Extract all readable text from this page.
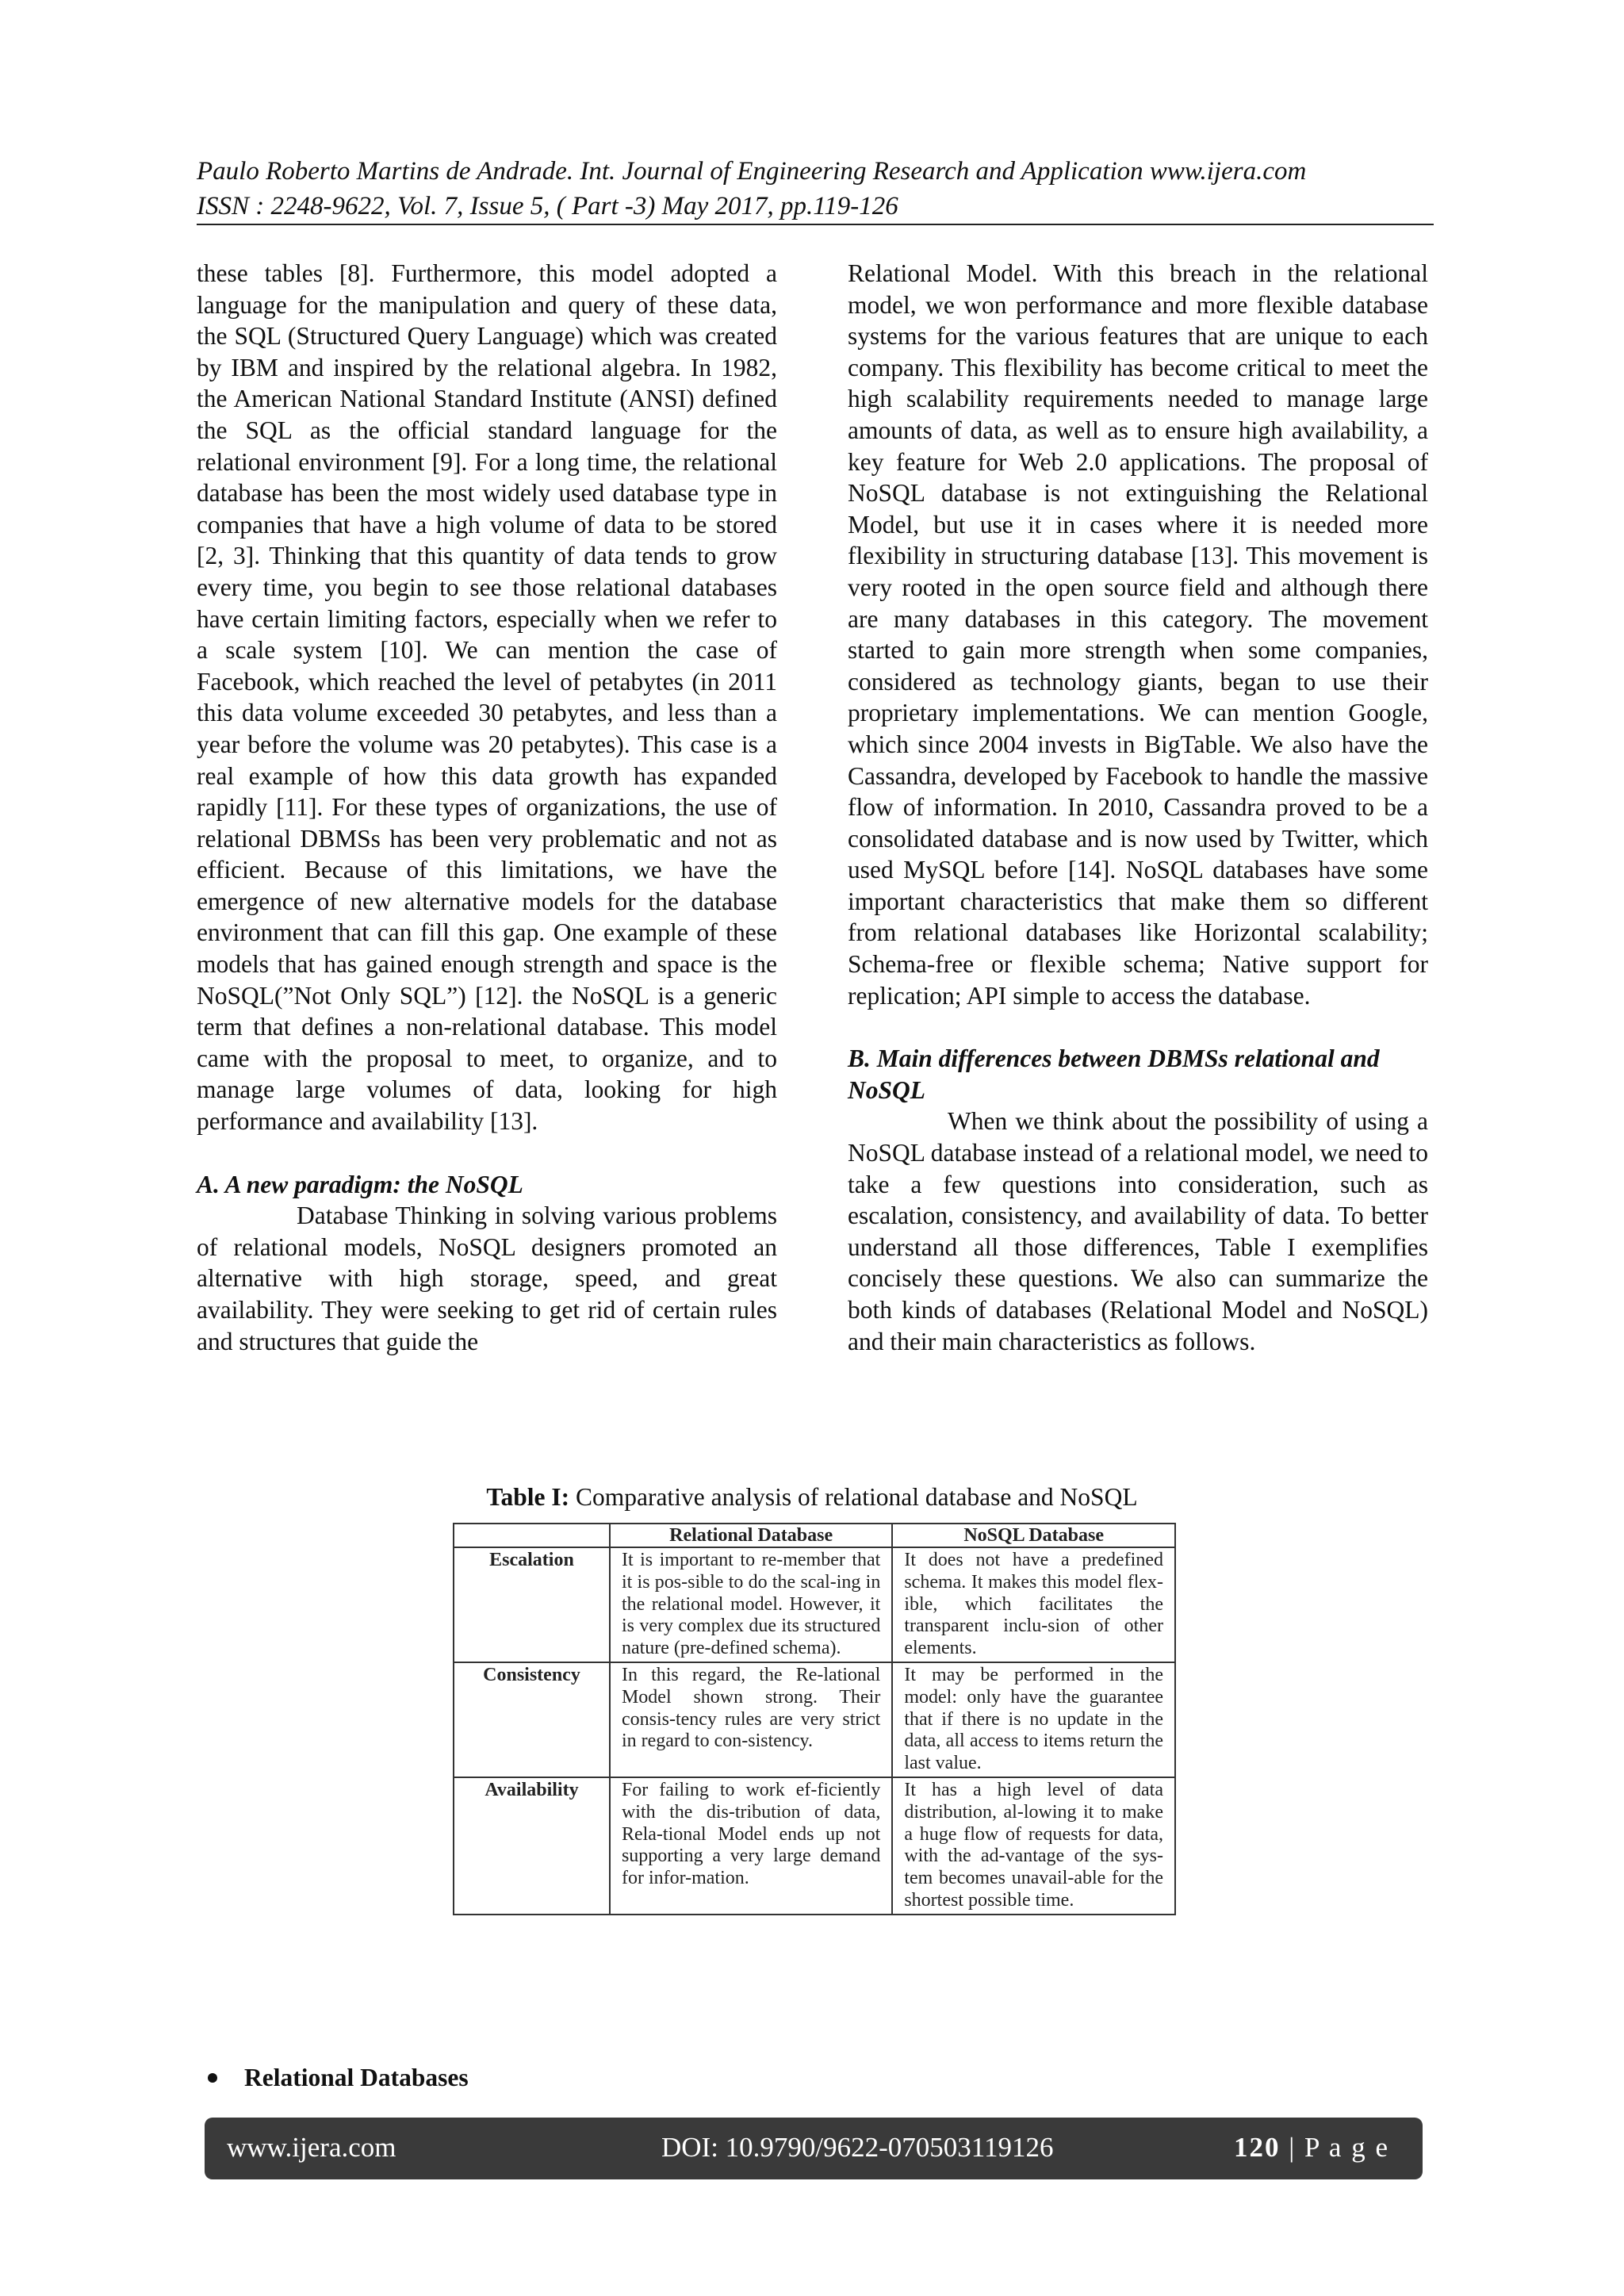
Paulo Roberto Martins de Andrade. Int. Journal of Engineering Research and Application www.ijera.com
ISSN : 2248-9622, Vol. 7, Issue 5, ( Part -3) May 2017, pp.119-126

these tables [8]. Furthermore, this model adopted a language for the manipulation and query of these data, the SQL (Structured Query Language) which was created by IBM and inspired by the relational algebra. In 1982, the American National Standard Institute (ANSI) defined the SQL as the official standard language for the relational environment [9]. For a long time, the relational database has been the most widely used database type in companies that have a high volume of data to be stored [2, 3]. Thinking that this quantity of data tends to grow every time, you begin to see those relational databases have certain limiting factors, especially when we refer to a scale system [10]. We can mention the case of Facebook, which reached the level of petabytes (in 2011 this data volume exceeded 30 petabytes, and less than a year before the volume was 20 petabytes). This case is a real example of how this data growth has expanded rapidly [11]. For these types of organizations, the use of relational DBMSs has been very problematic and not as efficient. Because of this limitations, we have the emergence of new alternative models for the database environment that can fill this gap. One example of these models that has gained enough strength and space is the NoSQL(”Not Only SQL”) [12]. the NoSQL is a generic term that defines a non-relational database. This model came with the proposal to meet, to organize, and to manage large volumes of data, looking for high performance and availability [13].

A. A new paradigm: the NoSQL

Database Thinking in solving various problems of relational models, NoSQL designers promoted an alternative with high storage, speed, and great availability. They were seeking to get rid of certain rules and structures that guide the

Relational Model. With this breach in the relational model, we won performance and more flexible database systems for the various features that are unique to each company. This flexibility has become critical to meet the high scalability requirements needed to manage large amounts of data, as well as to ensure high availability, a key feature for Web 2.0 applications. The proposal of NoSQL database is not extinguishing the Relational Model, but use it in cases where it is needed more flexibility in structuring database [13]. This movement is very rooted in the open source field and although there are many databases in this category. The movement started to gain more strength when some companies, considered as technology giants, began to use their proprietary implementations. We can mention Google, which since 2004 invests in BigTable. We also have the Cassandra, developed by Facebook to handle the massive flow of information. In 2010, Cassandra proved to be a consolidated database and is now used by Twitter, which used MySQL before [14]. NoSQL databases have some important characteristics that make them so different from relational databases like Horizontal scalability; Schema-free or flexible schema; Native support for replication; API simple to access the database.

B. Main differences between DBMSs relational and NoSQL

When we think about the possibility of using a NoSQL database instead of a relational model, we need to take a few questions into consideration, such as escalation, consistency, and availability of data. To better understand all those differences, Table I exemplifies concisely these questions. We also can summarize the both kinds of databases (Relational Model and NoSQL) and their main characteristics as follows.

Table I: Comparative analysis of relational database and NoSQL
	Relational Database	NoSQL Database
Escalation	It is important to re-member that it is pos-sible to do the scal-ing in the relational model. However, it is very complex due its structured nature (pre-defined schema).	It does not have a predefined schema. It makes this model flex-ible, which facilitates the transparent inclu-sion of other elements.
Consistency	In this regard, the Re-lational Model shown strong. Their consis-tency rules are very strict in regard to con-sistency.	It may be performed in the model: only have the guarantee that if there is no update in the data, all access to items return the last value.
Availability	For failing to work ef-ficiently with the dis-tribution of data, Rela-tional Model ends up not supporting a very large demand for infor-mation.	It has a high level of data distribution, al-lowing it to make a huge flow of requests for data, with the ad-vantage of the sys-tem becomes unavail-able for the shortest possible time.
Relational Databases
www.ijera.com	DOI: 10.9790/9622-070503119126	120 | P a g e
